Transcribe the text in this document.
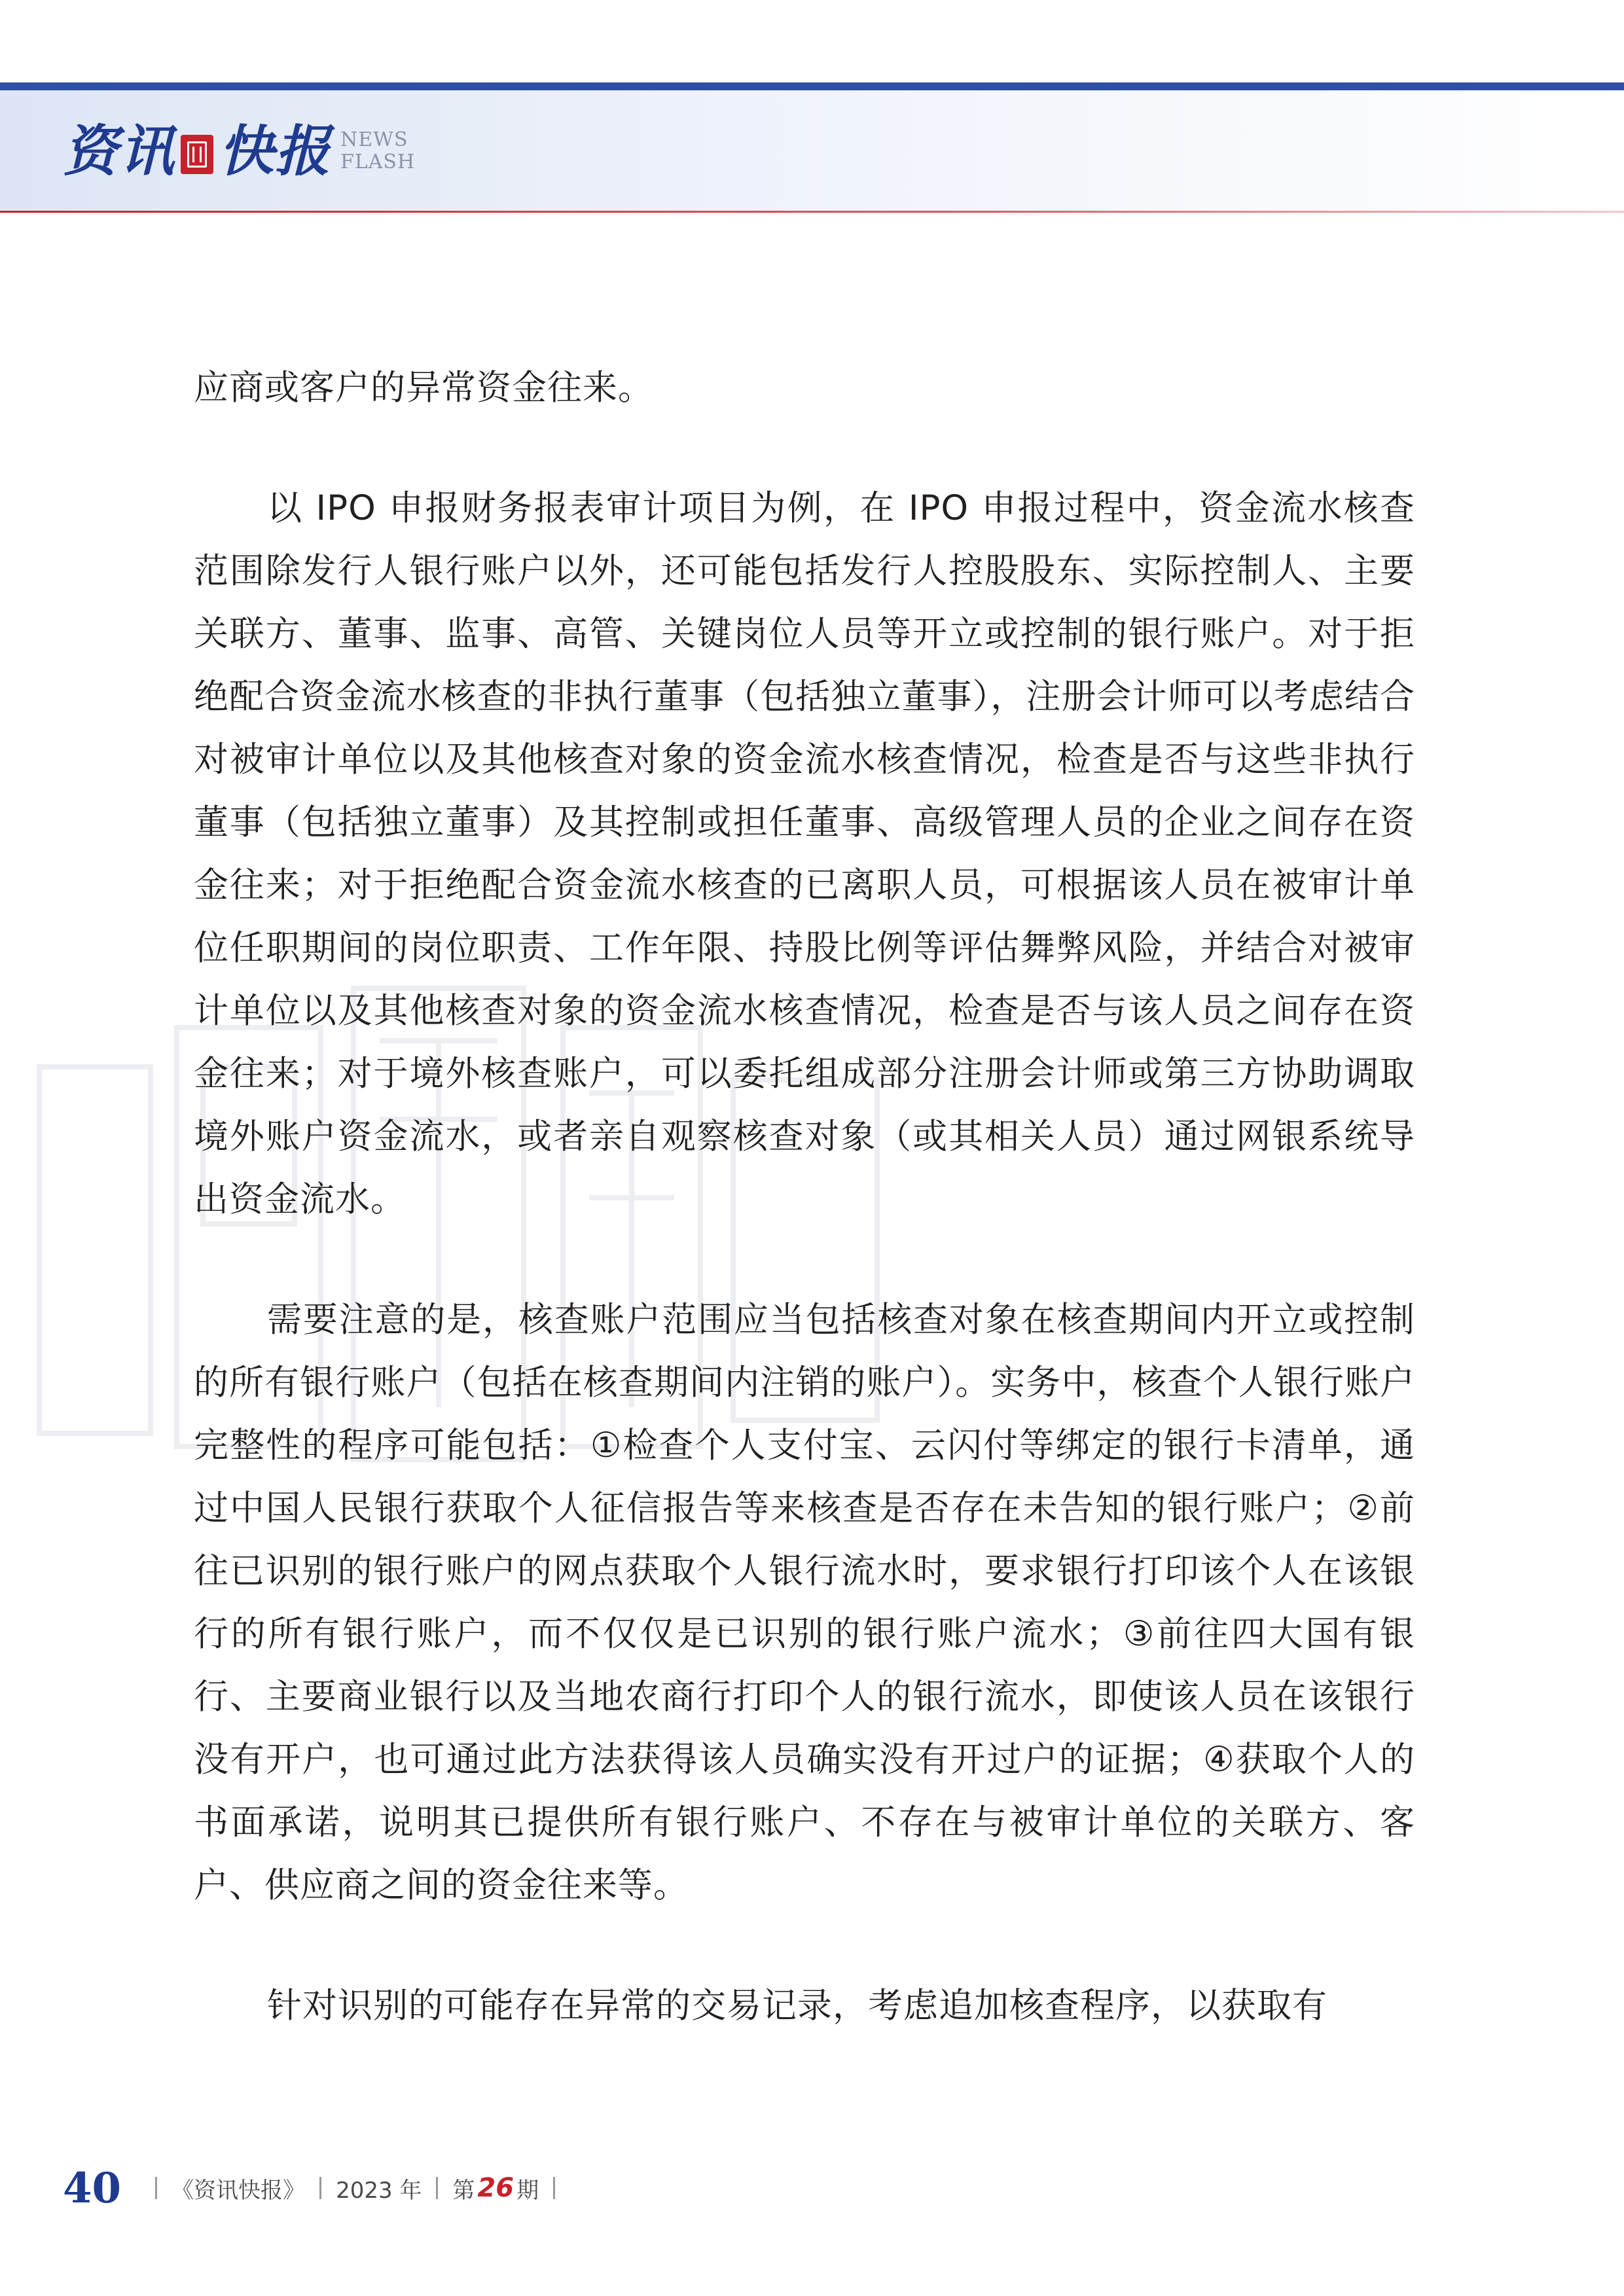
资讯 快报 NEWS
FLASH

应商或客户的异常资金往来。

以 IPO 申报财务报表审计项目为例，在 IPO 申报过程中，资金流水核查范围除发行人银行账户以外，还可能包括发行人控股股东、实际控制人、主要关联方、董事、监事、高管、关键岗位人员等开立或控制的银行账户。对于拒绝配合资金流水核查的非执行董事（包括独立董事），注册会计师可以考虑结合对被审计单位以及其他核查对象的资金流水核查情况，检查是否与这些非执行董事（包括独立董事）及其控制或担任董事、高级管理人员的企业之间存在资金往来；对于拒绝配合资金流水核查的已离职人员，可根据该人员在被审计单位任职期间的岗位职责、工作年限、持股比例等评估舞弊风险，并结合对被审计单位以及其他核查对象的资金流水核查情况，检查是否与该人员之间存在资金往来；对于境外核查账户，可以委托组成部分注册会计师或第三方协助调取境外账户资金流水，或者亲自观察核查对象（或其相关人员）通过网银系统导出资金流水。

需要注意的是，核查账户范围应当包括核查对象在核查期间内开立或控制的所有银行账户（包括在核查期间内注销的账户）。实务中，核查个人银行账户完整性的程序可能包括：①检查个人支付宝、云闪付等绑定的银行卡清单，通过中国人民银行获取个人征信报告等来核查是否存在未告知的银行账户；②前往已识别的银行账户的网点获取个人银行流水时，要求银行打印该个人在该银行的所有银行账户，而不仅仅是已识别的银行账户流水；③前往四大国有银行、主要商业银行以及当地农商行打印个人的银行流水，即使该人员在该银行没有开户，也可通过此方法获得该人员确实没有开过户的证据；④获取个人的书面承诺，说明其已提供所有银行账户、不存在与被审计单位的关联方、客户、供应商之间的资金往来等。

针对识别的可能存在异常的交易记录，考虑追加核查程序，以获取有

40 《资讯快报》 2023 年 第 26 期
